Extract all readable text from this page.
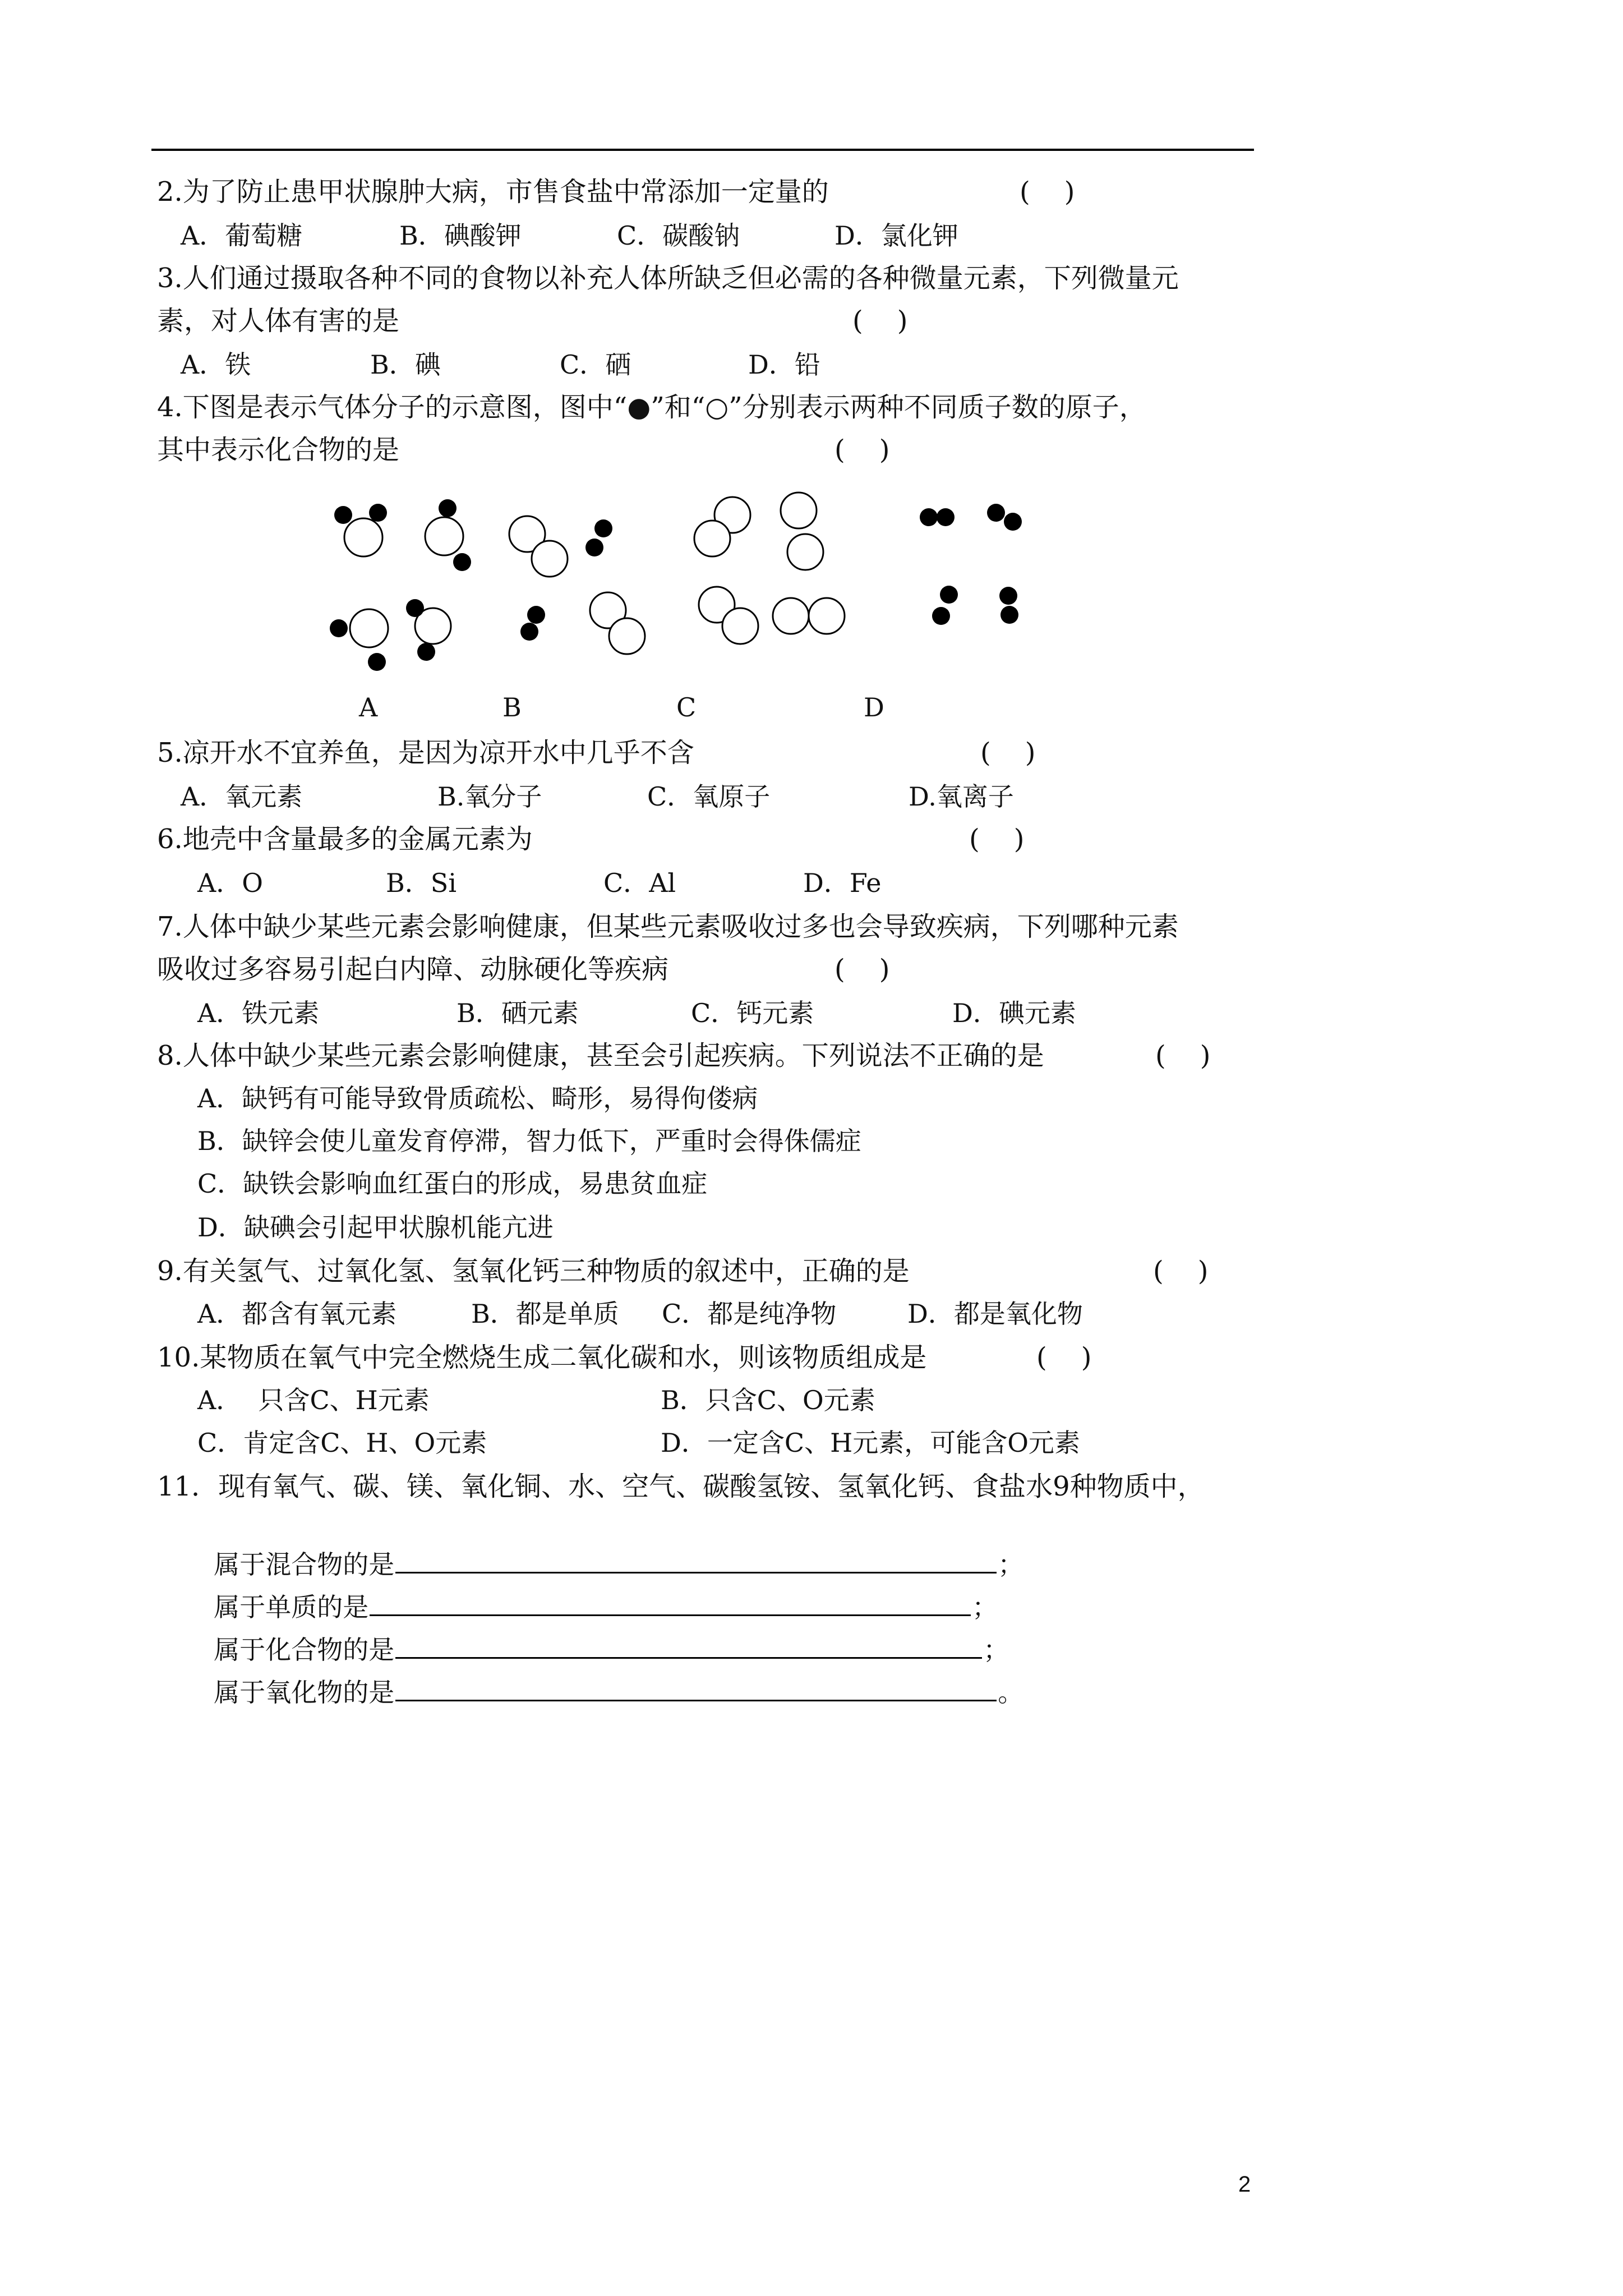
2.为了防止患甲状腺肿大病，市售食盐中常添加一定量的	(    )
A．葡萄糖	B．碘酸钾	C．碳酸钠	D．氯化钾
3.人们通过摄取各种不同的食物以补充人体所缺乏但必需的各种微量元素，下列微量元
素，对人体有害的是	(    )
A．铁	B．碘	C．硒	D．铅
4.下图是表示气体分子的示意图，图中“●”和“○”分别表示两种不同质子数的原子，
其中表示化合物的是	(    )
A	B	C	D
5.凉开水不宜养鱼，是因为凉开水中几乎不含	(    )
A．氧元素	B.氧分子	C．氧原子	D.氧离子
6.地壳中含量最多的金属元素为	(    )
A．O	B．Si	C．Al	D．Fe
7.人体中缺少某些元素会影响健康，但某些元素吸收过多也会导致疾病，下列哪种元素
吸收过多容易引起白内障、动脉硬化等疾病	(    )
A．铁元素	B．硒元素	C．钙元素	D．碘元素
8.人体中缺少某些元素会影响健康，甚至会引起疾病。下列说法不正确的是	(    )
A．缺钙有可能导致骨质疏松、畸形，易得佝偻病
B．缺锌会使儿童发育停滞，智力低下，严重时会得侏儒症
C．缺铁会影响血红蛋白的形成，易患贫血症
D．缺碘会引起甲状腺机能亢进
9.有关氢气、过氧化氢、氢氧化钙三种物质的叙述中，正确的是	(    )
A．都含有氧元素	B．都是单质 C．都是纯净物	D．都是氧化物
10.某物质在氧气中完全燃烧生成二氧化碳和水，则该物质组成是	(    )
A．  只含C、H元素	B．只含C、O元素
C．肯定含C、H、O元素	D．一定含C、H元素，可能含O元素
11．现有氧气、碳、镁、氧化铜、水、空气、碳酸氢铵、氢氧化钙、食盐水9种物质中，

属于混合物的是	；

属于单质的是	；

属于化合物的是	；

属于氧化物的是	。

2
